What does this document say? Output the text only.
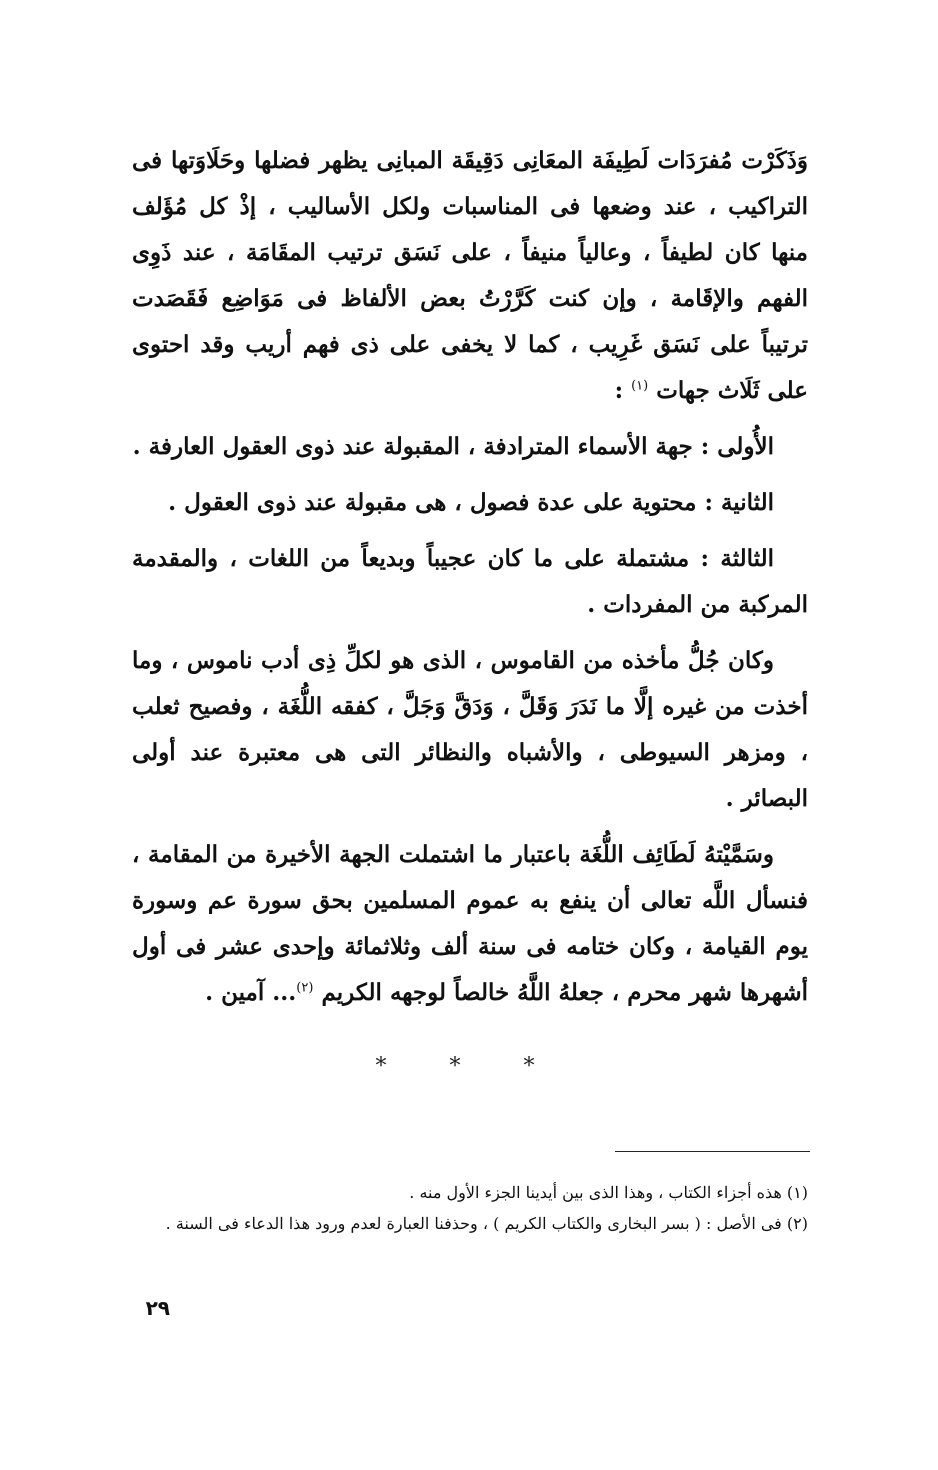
وَذَكَرْت مُفرَدَات لَطِيفَة المعَانِى دَقِيقَة المبانِى يظهر فضلها وحَلَاوَتها فى التراكيب ، عند وضعها فى المناسبات ولكل الأساليب ، إذْ كل مُؤَلف منها كان لطيفاً ، وعالياً منيفاً ، على نَسَق ترتيب المقَامَة ، عند ذَوِى الفهم والإقَامة ، وإن كنت كَرَّرْتُ بعض الألفاظ فى مَوَاضِع فَقَصَدت ترتيباً على نَسَق غَرِيب ، كما لا يخفى على ذى فهم أريب وقد احتوى على ثَلَاث جهات $^{(١)}$ :

الأُولى : جهة الأسماء المترادفة ، المقبولة عند ذوى العقول العارفة .

الثانية : محتوية على عدة فصول ، هى مقبولة عند ذوى العقول .

الثالثة : مشتملة على ما كان عجيباً وبديعاً من اللغات ، والمقدمة المركبة من المفردات .

وكان جُلُّ مأخذه من القاموس ، الذى هو لكلِّ ذِى أدب ناموس ، وما أخذت من غيره إلَّا ما نَدَرَ وَقَلَّ ، وَدَقَّ وَجَلَّ ، كفقه اللُّغَة ، وفصيح ثعلب ، ومزهر السيوطى ، والأشباه والنظائر التى هى معتبرة عند أولى البصائر .

وسَمَّيْتهُ لَطَائِف اللُّغَة باعتبار ما اشتملت الجهة الأخيرة من المقامة ، فنسأل اللَّه تعالى أن ينفع به عموم المسلمين بحق سورة عم وسورة يوم القيامة ، وكان ختامه فى سنة ألف وثلاثمائة وإحدى عشر فى أول أشهرها شهر محرم ، جعلهُ اللَّهُ خالصاً لوجهه الكريم $^{(٢)}$... آمين .

* * *

(١) هذه أجزاء الكتاب ، وهذا الذى بين أيدينا الجزء الأول منه .

(٢) فى الأصل : ( بسر البخارى والكتاب الكريم ) ، وحذفنا العبارة لعدم ورود هذا الدعاء فى السنة .

٢٩
